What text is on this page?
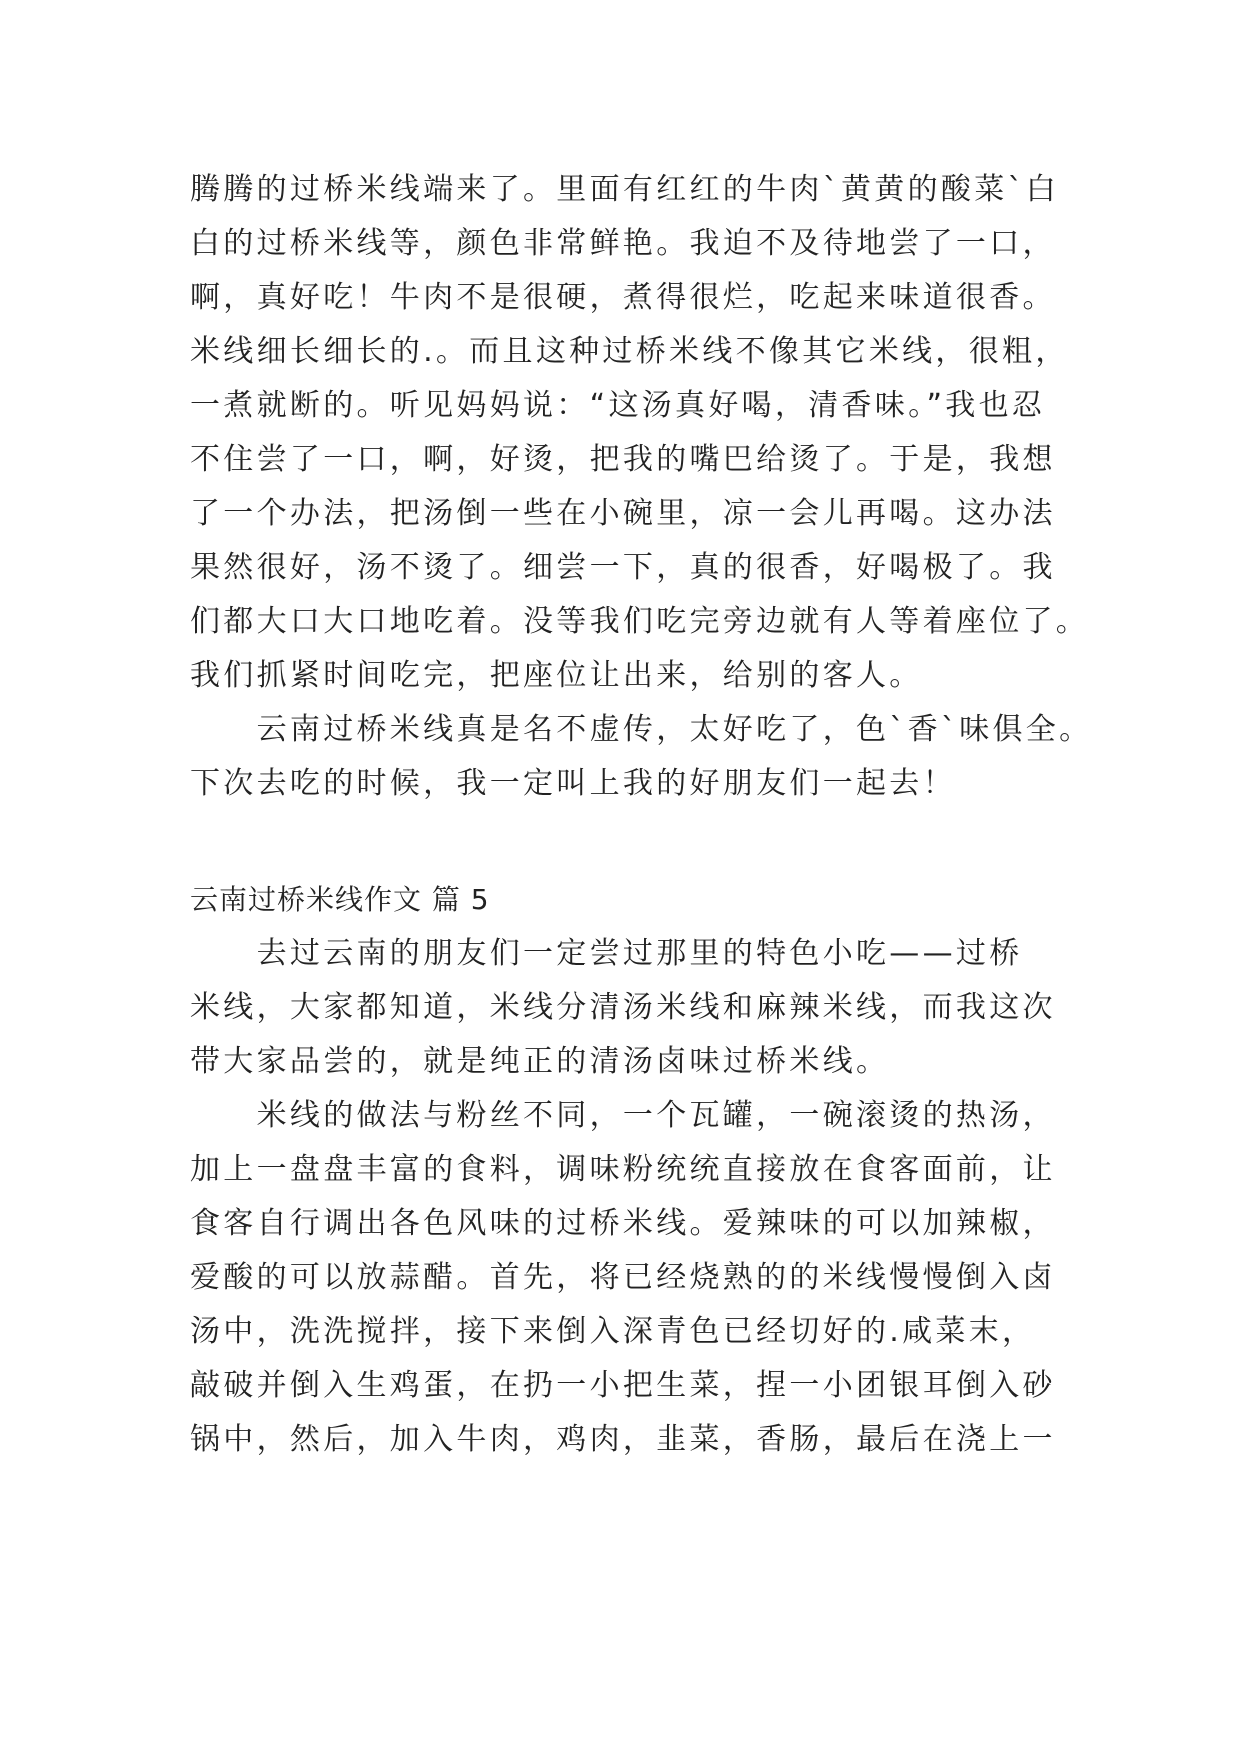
腾腾的过桥米线端来了。里面有红红的牛肉`黄黄的酸菜`白
白的过桥米线等，颜色非常鲜艳。我迫不及待地尝了一口，
啊，真好吃！牛肉不是很硬，煮得很烂，吃起来味道很香。
米线细长细长的.。而且这种过桥米线不像其它米线，很粗，
一煮就断的。听见妈妈说：“这汤真好喝，清香味。”我也忍
不住尝了一口，啊，好烫，把我的嘴巴给烫了。于是，我想
了一个办法，把汤倒一些在小碗里，凉一会儿再喝。这办法
果然很好，汤不烫了。细尝一下，真的很香，好喝极了。我
们都大口大口地吃着。没等我们吃完旁边就有人等着座位了。
我们抓紧时间吃完，把座位让出来，给别的客人。
　　云南过桥米线真是名不虚传，太好吃了，色`香`味俱全。
下次去吃的时候，我一定叫上我的好朋友们一起去！
云南过桥米线作文 篇 5
　　去过云南的朋友们一定尝过那里的特色小吃——过桥
米线，大家都知道，米线分清汤米线和麻辣米线，而我这次
带大家品尝的，就是纯正的清汤卤味过桥米线。
　　米线的做法与粉丝不同，一个瓦罐，一碗滚烫的热汤，
加上一盘盘丰富的食料，调味粉统统直接放在食客面前，让
食客自行调出各色风味的过桥米线。爱辣味的可以加辣椒，
爱酸的可以放蒜醋。首先，将已经烧熟的的米线慢慢倒入卤
汤中，洗洗搅拌，接下来倒入深青色已经切好的.咸菜末，
敲破并倒入生鸡蛋，在扔一小把生菜，捏一小团银耳倒入砂
锅中，然后，加入牛肉，鸡肉，韭菜，香肠，最后在浇上一
